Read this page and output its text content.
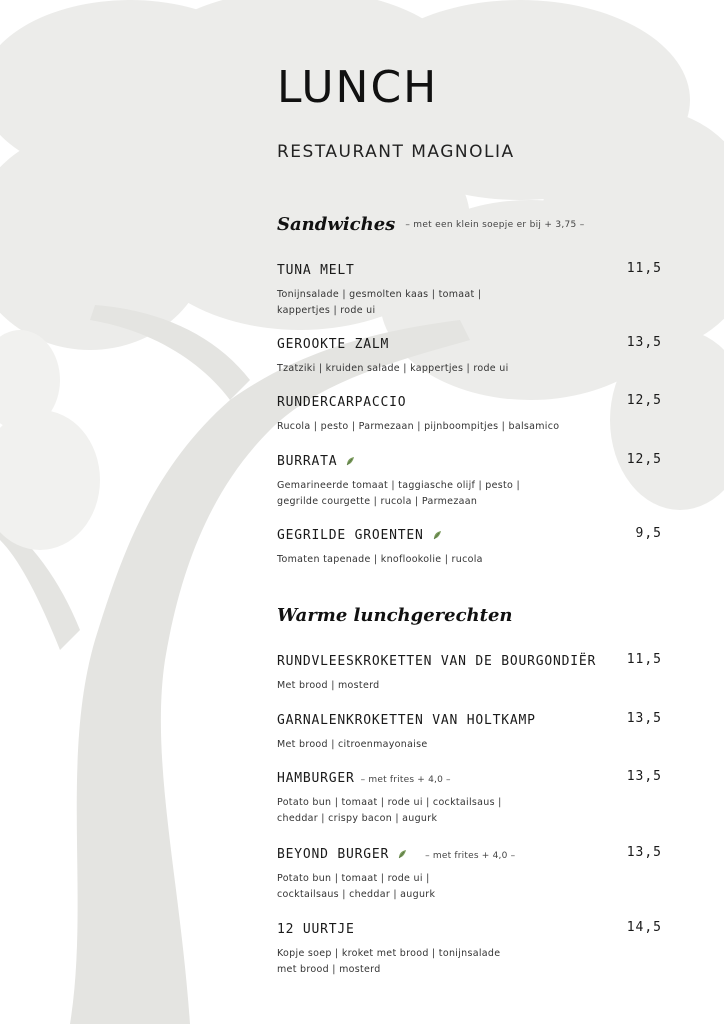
LUNCH
RESTAURANT MAGNOLIA
Sandwiches – met een klein soepje er bij + 3,75 –
TUNA MELT	11,5
Tonijnsalade | gesmolten kaas | tomaat |
kappertjes | rode ui
GEROOKTE ZALM	13,5
Tzatziki | kruiden salade | kappertjes | rode ui
RUNDERCARPACCIO	12,5
Rucola | pesto | Parmezaan | pijnboompitjes | balsamico
BURRATA	12,5
Gemarineerde tomaat | taggiasche olijf | pesto |
gegrilde courgette | rucola | Parmezaan
GEGRILDE GROENTEN	9,5
Tomaten tapenade | knoflookolie | rucola
Warme lunchgerechten
RUNDVLEESKROKETTEN VAN DE BOURGONDIËR 11,5
Met brood | mosterd
GARNALENKROKETTEN VAN HOLTKAMP	13,5
Met brood | citroenmayonaise
HAMBURGER – met frites + 4,0 –	13,5
Potato bun | tomaat | rode ui | cocktailsaus |
cheddar | crispy bacon | augurk
BEYOND BURGER	– met frites + 4,0 –	13,5
Potato bun | tomaat | rode ui |
cocktailsaus | cheddar | augurk
12 UURTJE	14,5
Kopje soep | kroket met brood | tonijnsalade
met brood | mosterd
